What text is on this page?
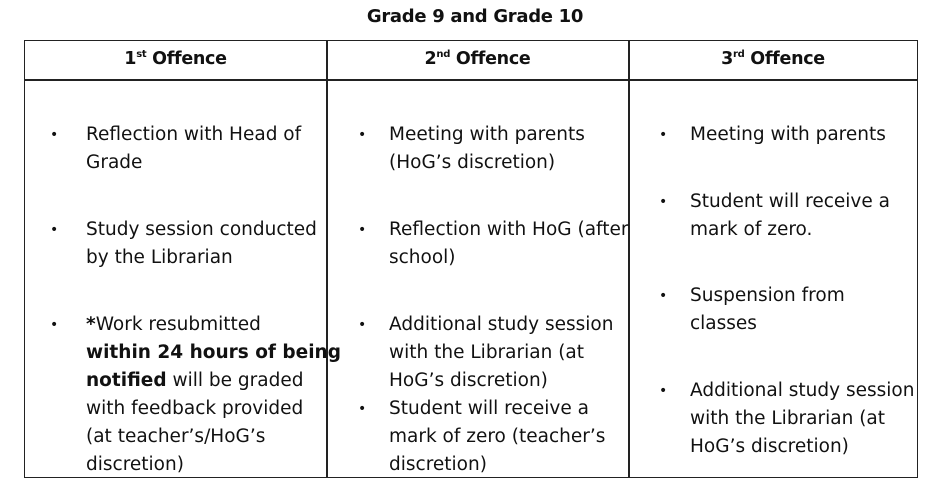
Grade 9 and Grade 10
1st Offence	2nd Offence	3rd Offence
• Reflection with Head of
Grade
• Study session conducted
by the Librarian
• *Work resubmitted
within 24 hours of being
notified will be graded
with feedback provided
(at teacher’s/HoG’s
discretion)
• Meeting with parents
(HoG’s discretion)
• Reflection with HoG (after
school)
• Additional study session
with the Librarian (at
HoG’s discretion)
• Student will receive a
mark of zero (teacher’s
discretion)
• Meeting with parents
• Student will receive a
mark of zero.
• Suspension from
classes
• Additional study session
with the Librarian (at
HoG’s discretion)
